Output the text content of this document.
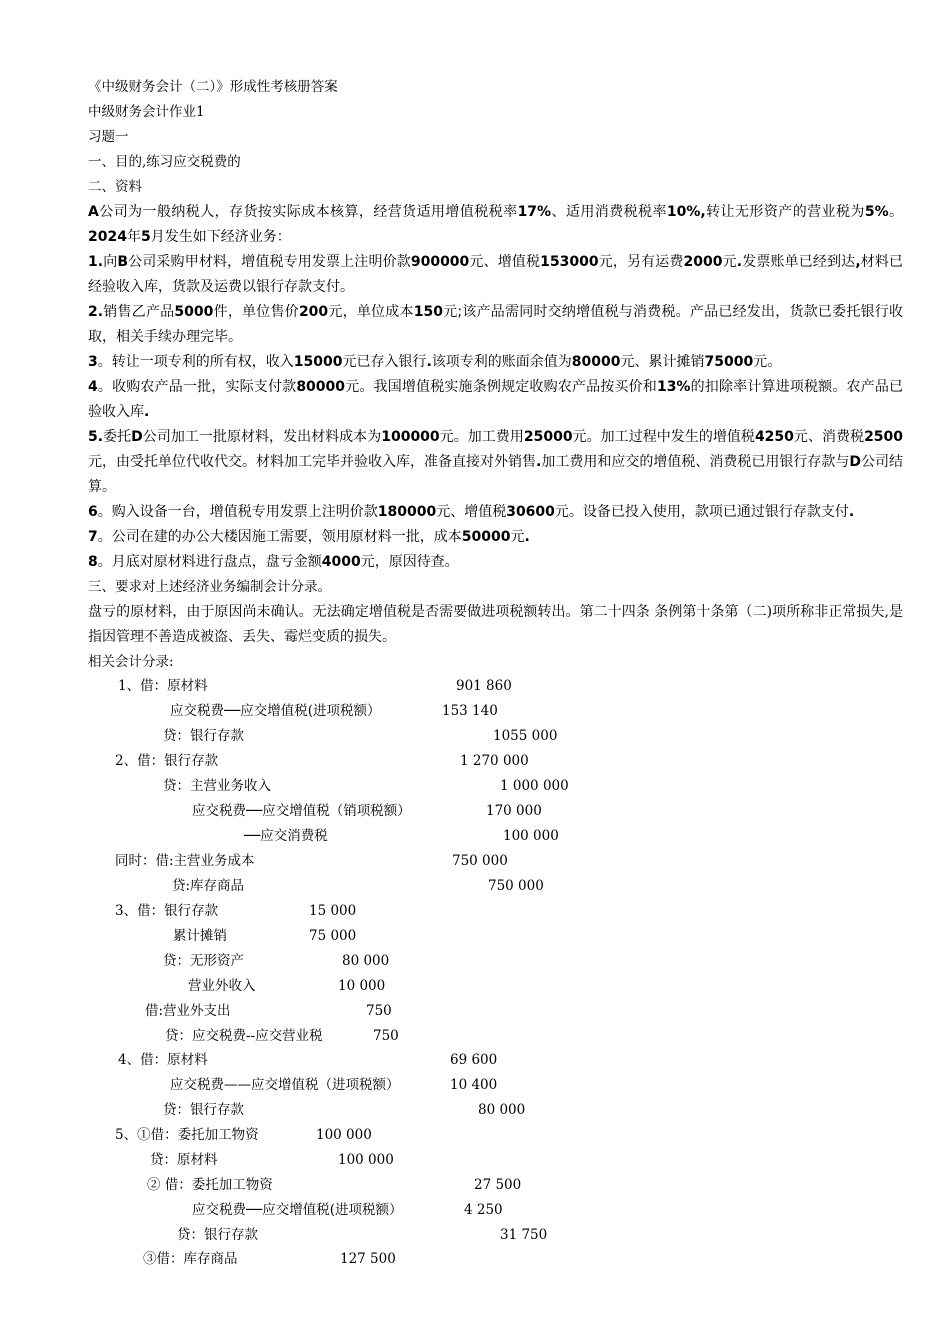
《中级财务会计（二）》形成性考核册答案
中级财务会计作业1
习题一
一、目的,练习应交税费的
二、资料
A公司为一般纳税人，存货按实际成本核算，经营货适用增值税税率17%、适用消费税税率10%,转让无形资产的营业税为5%。2024年5月发生如下经济业务：
1.向B公司采购甲材料，增值税专用发票上注明价款900000元、增值税153000元，另有运费2000元.发票账单已经到达,材料已经验收入库，货款及运费以银行存款支付。
2.销售乙产品5000件，单位售价200元，单位成本150元;该产品需同时交纳增值税与消费税。产品已经发出，货款已委托银行收取，相关手续办理完毕。
3。转让一项专利的所有权，收入15000元已存入银行.该项专利的账面余值为80000元、累计摊销75000元。
4。收购农产品一批，实际支付款80000元。我国增值税实施条例规定收购农产品按买价和13%的扣除率计算进项税额。农产品已验收入库.
5.委托D公司加工一批原材料，发出材料成本为100000元。加工费用25000元。加工过程中发生的增值税4250元、消费税2500元，由受托单位代收代交。材料加工完毕并验收入库，准备直接对外销售.加工费用和应交的增值税、消费税已用银行存款与D公司结算。
6。购入设备一台，增值税专用发票上注明价款180000元、增值税30600元。设备已投入使用，款项已通过银行存款支付.
7。公司在建的办公大楼因施工需要，领用原材料一批，成本50000元.
8。月底对原材料进行盘点，盘亏金额4000元，原因待查。
三、要求对上述经济业务编制会计分录。
盘亏的原材料，由于原因尚未确认。无法确定增值税是否需要做进项税额转出。第二十四条 条例第十条第（二)项所称非正常损失,是指因管理不善造成被盗、丢失、霉烂变质的损失。
相关会计分录:
1、借：原材料	901 860
应交税费──应交增值税(进项税额）	153 140
贷：银行存款	1055 000
2、借：银行存款	1 270 000
贷：主营业务收入	1 000 000
应交税费──应交增值税（销项税额）	170 000
──应交消费税	100 000
同时：借:主营业务成本	750 000
贷:库存商品	750 000
3、借：银行存款	15 000
累计摊销	75 000
贷：无形资产	80 000
营业外收入	10 000
借:营业外支出	750
贷：应交税费--应交营业税	750
4、借：原材料	69 600
应交税费——应交增值税（进项税额）	10 400
贷：银行存款	80 000
5、①借：委托加工物资	100 000
贷：原材料	100 000
② 借：委托加工物资	27 500
应交税费──应交增值税(进项税额）	4 250
贷：银行存款	31 750
③借：库存商品	127 500
